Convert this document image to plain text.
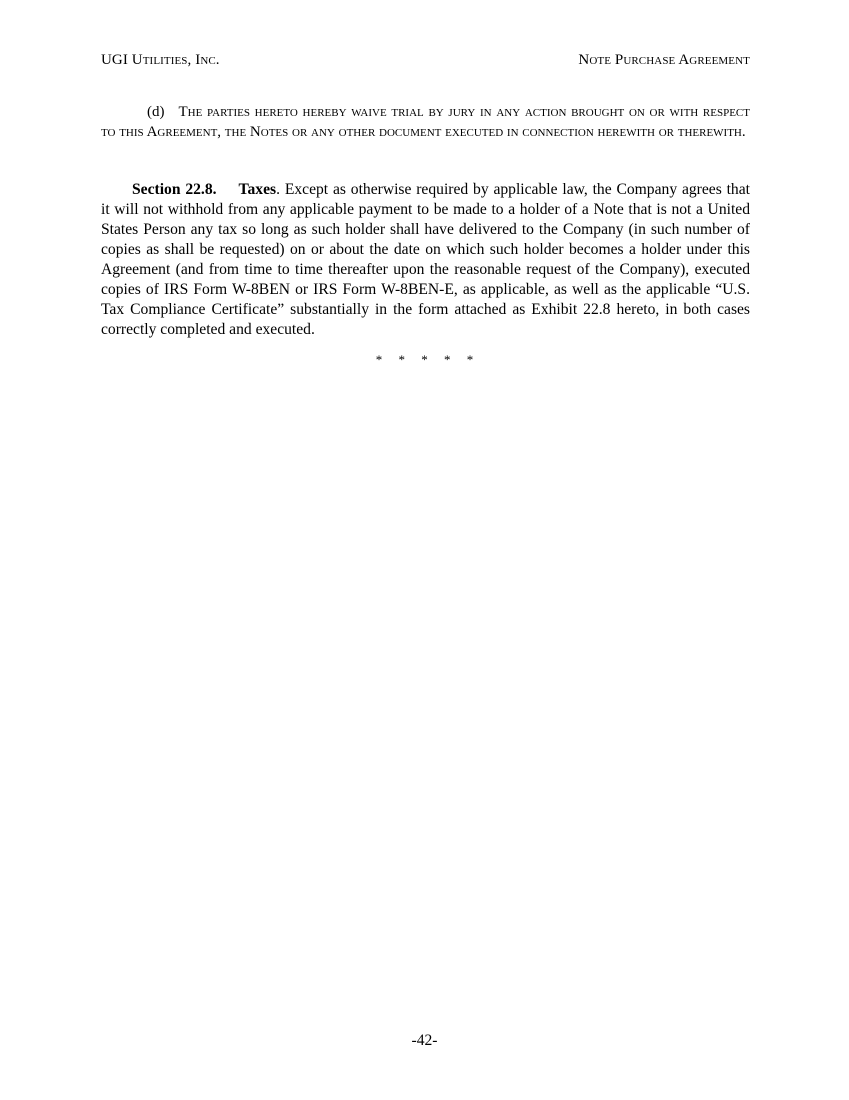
UGI Utilities, Inc.	Note Purchase Agreement
(d) The parties hereto hereby waive trial by jury in any action brought on or with respect to this Agreement, the Notes or any other document executed in connection herewith or therewith.
Section 22.8. Taxes. Except as otherwise required by applicable law, the Company agrees that it will not withhold from any applicable payment to be made to a holder of a Note that is not a United States Person any tax so long as such holder shall have delivered to the Company (in such number of copies as shall be requested) on or about the date on which such holder becomes a holder under this Agreement (and from time to time thereafter upon the reasonable request of the Company), executed copies of IRS Form W-8BEN or IRS Form W-8BEN-E, as applicable, as well as the applicable “U.S. Tax Compliance Certificate” substantially in the form attached as Exhibit 22.8 hereto, in both cases correctly completed and executed.
* * * * *
-42-
